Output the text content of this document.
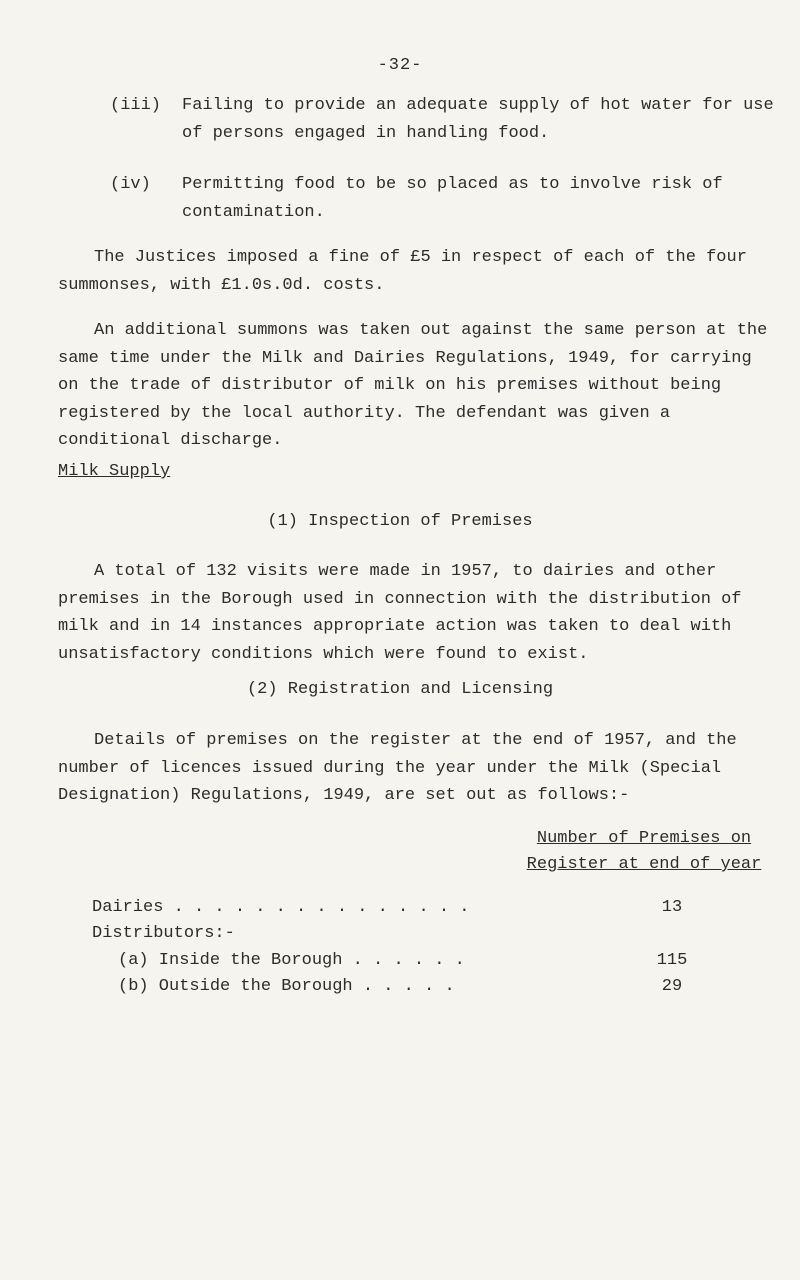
-32-
(iii) Failing to provide an adequate supply of hot water for use of persons engaged in handling food.
(iv) Permitting food to be so placed as to involve risk of contamination.
The Justices imposed a fine of £5 in respect of each of the four summonses, with £1.0s.0d. costs.
An additional summons was taken out against the same person at the same time under the Milk and Dairies Regulations, 1949, for carrying on the trade of distributor of milk on his premises without being registered by the local authority. The defendant was given a conditional discharge.
Milk Supply
(1) Inspection of Premises
A total of 132 visits were made in 1957, to dairies and other premises in the Borough used in connection with the distribution of milk and in 14 instances appropriate action was taken to deal with unsatisfactory conditions which were found to exist.
(2) Registration and Licensing
Details of premises on the register at the end of 1957, and the number of licences issued during the year under the Milk (Special Designation) Regulations, 1949, are set out as follows:-
Number of Premises on
Register at end of year
Dairies . . . . . . . . . . . . . . .	13
Distributors:-
(a) Inside the Borough . . . . . .	115
(b) Outside the Borough . . . . .	29
